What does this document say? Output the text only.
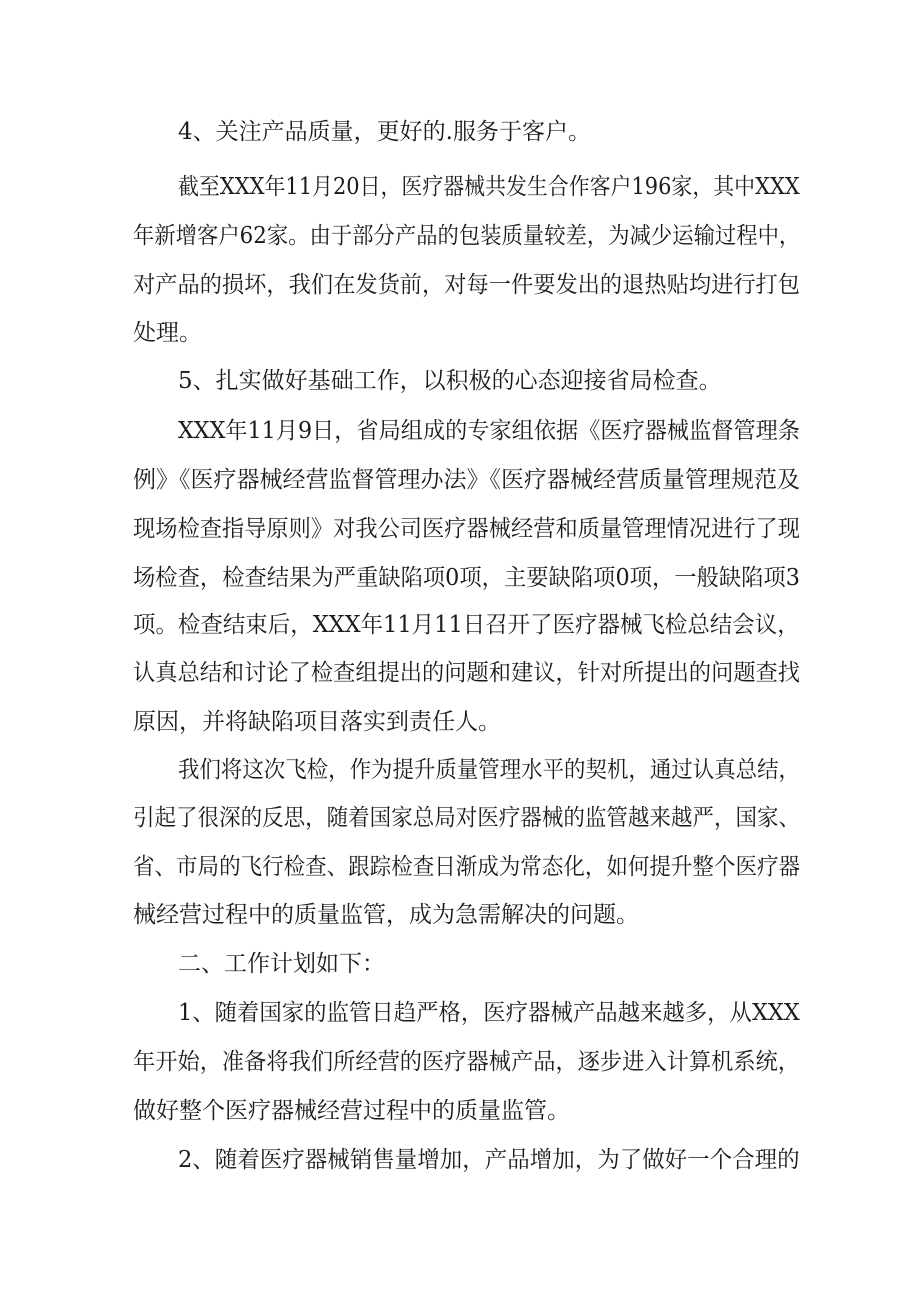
4、关注产品质量，更好的.服务于客户。
截至XXX年11月20日，医疗器械共发生合作客户196家，其中XXX
年新增客户62家。由于部分产品的包装质量较差，为减少运输过程中，
对产品的损坏，我们在发货前，对每一件要发出的退热贴均进行打包
处理。
5、扎实做好基础工作，以积极的心态迎接省局检查。
XXX年11月9日，省局组成的专家组依据《医疗器械监督管理条
例》《医疗器械经营监督管理办法》《医疗器械经营质量管理规范及
现场检查指导原则》对我公司医疗器械经营和质量管理情况进行了现
场检查，检查结果为严重缺陷项0项，主要缺陷项0项，一般缺陷项3
项。检查结束后，XXX年11月11日召开了医疗器械飞检总结会议，
认真总结和讨论了检查组提出的问题和建议，针对所提出的问题查找
原因，并将缺陷项目落实到责任人。
我们将这次飞检，作为提升质量管理水平的契机，通过认真总结，
引起了很深的反思，随着国家总局对医疗器械的监管越来越严，国家、
省、市局的飞行检查、跟踪检查日渐成为常态化，如何提升整个医疗器
械经营过程中的质量监管，成为急需解决的问题。
二、工作计划如下：
1、随着国家的监管日趋严格，医疗器械产品越来越多，从XXX
年开始，准备将我们所经营的医疗器械产品，逐步进入计算机系统，
做好整个医疗器械经营过程中的质量监管。
2、随着医疗器械销售量增加，产品增加，为了做好一个合理的
